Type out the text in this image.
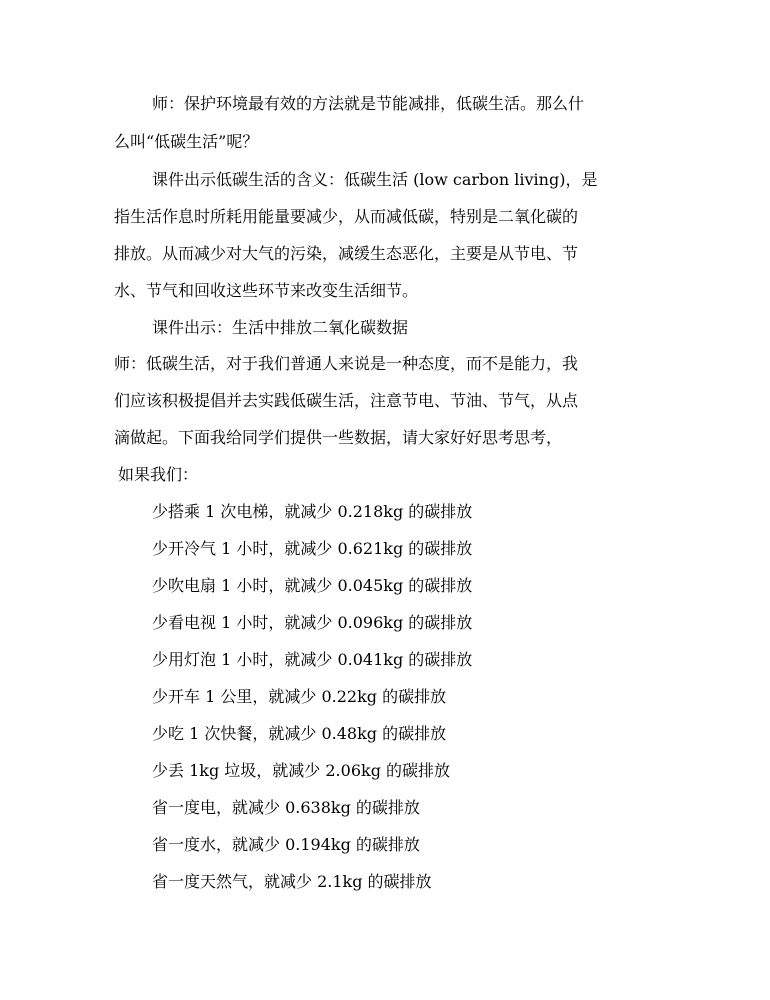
师：保护环境最有效的方法就是节能减排，低碳生活。那么什
么叫“低碳生活”呢？
课件出示低碳生活的含义：低碳生活 (low carbon living)，是
指生活作息时所耗用能量要减少，从而减低碳，特别是二氧化碳的
排放。从而减少对大气的污染，减缓生态恶化，主要是从节电、节
水、节气和回收这些环节来改变生活细节。
课件出示：生活中排放二氧化碳数据
师：低碳生活，对于我们普通人来说是一种态度，而不是能力，我
们应该积极提倡并去实践低碳生活，注意节电、节油、节气，从点
滴做起。下面我给同学们提供一些数据，请大家好好思考思考，
如果我们：
少搭乘 1 次电梯，就减少 0.218kg 的碳排放
少开冷气 1 小时，就减少 0.621kg 的碳排放
少吹电扇 1 小时，就减少 0.045kg 的碳排放
少看电视 1 小时，就减少 0.096kg 的碳排放
少用灯泡 1 小时，就减少 0.041kg 的碳排放
少开车 1 公里，就减少 0.22kg 的碳排放
少吃 1 次快餐，就减少 0.48kg 的碳排放
少丢 1kg 垃圾，就减少 2.06kg 的碳排放
省一度电，就减少 0.638kg 的碳排放
省一度水，就减少 0.194kg 的碳排放
省一度天然气，就减少 2.1kg 的碳排放
